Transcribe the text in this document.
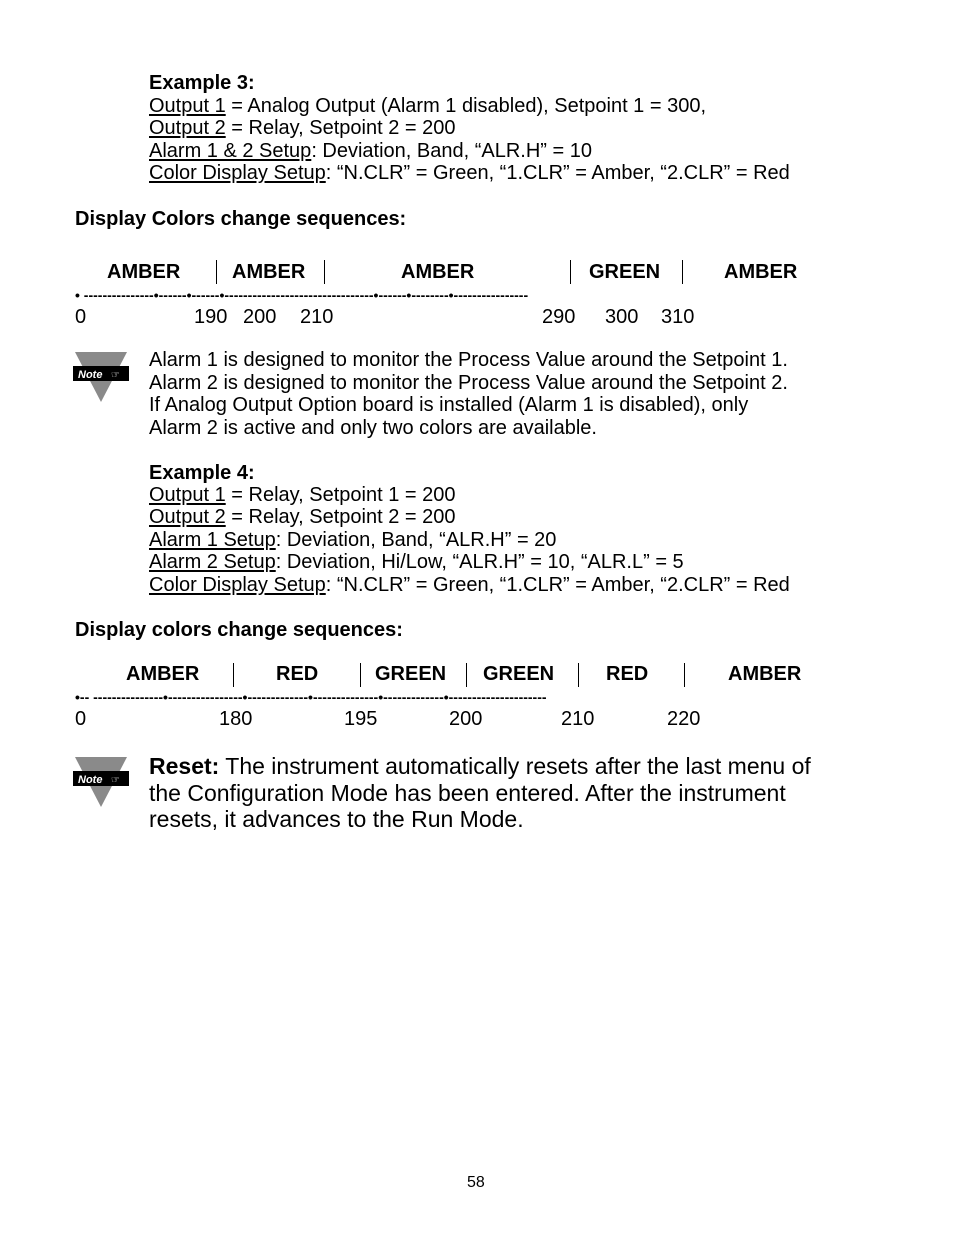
Example 3:
Output 1 = Analog Output (Alarm 1 disabled), Setpoint 1 = 300,
Output 2 = Relay, Setpoint 2 = 200
Alarm 1 & 2 Setup: Deviation, Band, “ALR.H” = 10
Color Display Setup: “N.CLR” = Green, “1.CLR” = Amber, “2.CLR” = Red
Display Colors change sequences:
AMBER	AMBER	AMBER	GREEN	AMBER
• ---------------•------•------•--------------------------------•------•--------•----------------
0	190 200 210	290 300 310
Note ☞
Alarm 1 is designed to monitor the Process Value around the Setpoint 1.
Alarm 2 is designed to monitor the Process Value around the Setpoint 2.
If Analog Output Option board is installed (Alarm 1 is disabled), only
Alarm 2 is active and only two colors are available.
Example 4:
Output 1 = Relay, Setpoint 1 = 200
Output 2 = Relay, Setpoint 2 = 200
Alarm 1 Setup: Deviation, Band, “ALR.H” = 20
Alarm 2 Setup: Deviation, Hi/Low, “ALR.H” = 10, “ALR.L” = 5
Color Display Setup: “N.CLR” = Green, “1.CLR” = Amber, “2.CLR” = Red
Display colors change sequences:
AMBER	RED	GREEN GREEN	RED	AMBER
•-- ---------------•----------------•-------------•--------------•-------------•---------------------
0	180	195	200	210	220
Note ☞
Reset: The instrument automatically resets after the last menu of
the Configuration Mode has been entered. After the instrument
resets, it advances to the Run Mode.
58
